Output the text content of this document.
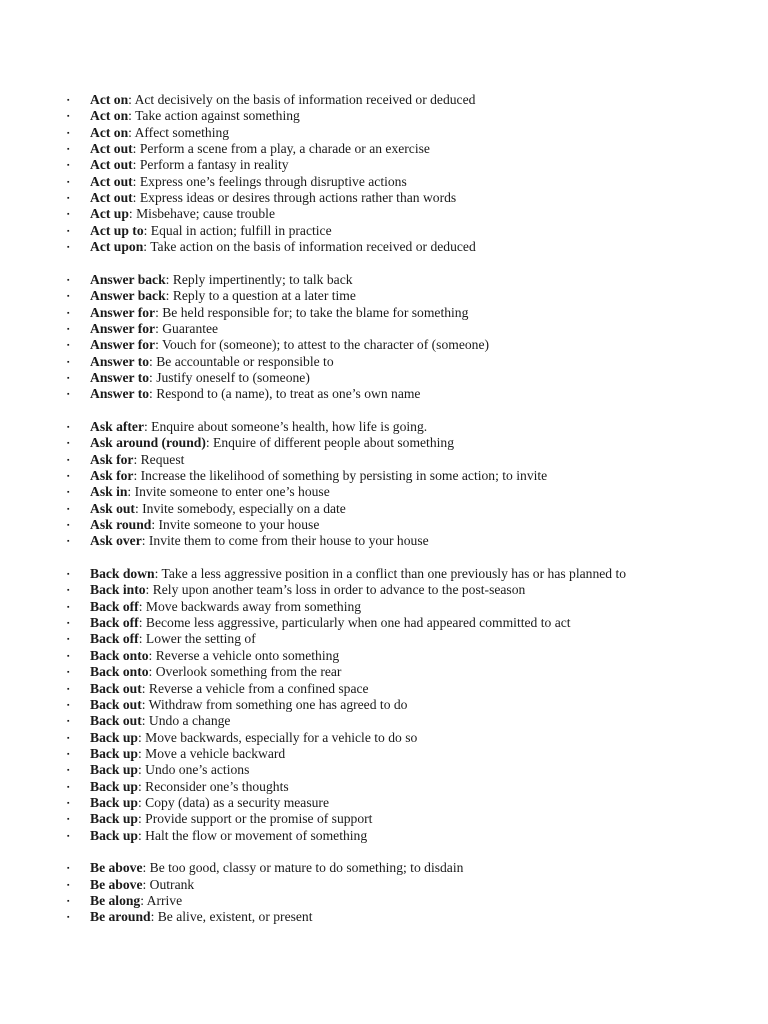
▪ Act on: Act decisively on the basis of information received or deduced
▪ Act on: Take action against something
▪ Act on: Affect something
▪ Act out: Perform a scene from a play, a charade or an exercise
▪ Act out: Perform a fantasy in reality
▪ Act out: Express one’s feelings through disruptive actions
▪ Act out: Express ideas or desires through actions rather than words
▪ Act up: Misbehave; cause trouble
▪ Act up to: Equal in action; fulfill in practice
▪ Act upon: Take action on the basis of information received or deduced
▪ Answer back: Reply impertinently; to talk back
▪ Answer back: Reply to a question at a later time
▪ Answer for: Be held responsible for; to take the blame for something
▪ Answer for: Guarantee
▪ Answer for: Vouch for (someone); to attest to the character of (someone)
▪ Answer to: Be accountable or responsible to
▪ Answer to: Justify oneself to (someone)
▪ Answer to: Respond to (a name), to treat as one’s own name
▪ Ask after: Enquire about someone’s health, how life is going.
▪ Ask around (round): Enquire of different people about something
▪ Ask for: Request
▪ Ask for: Increase the likelihood of something by persisting in some action; to invite
▪ Ask in: Invite someone to enter one’s house
▪ Ask out: Invite somebody, especially on a date
▪ Ask round: Invite someone to your house
▪ Ask over: Invite them to come from their house to your house
▪ Back down: Take a less aggressive position in a conflict than one previously has or has planned to
▪ Back into: Rely upon another team’s loss in order to advance to the post-season
▪ Back off: Move backwards away from something
▪ Back off: Become less aggressive, particularly when one had appeared committed to act
▪ Back off: Lower the setting of
▪ Back onto: Reverse a vehicle onto something
▪ Back onto: Overlook something from the rear
▪ Back out: Reverse a vehicle from a confined space
▪ Back out: Withdraw from something one has agreed to do
▪ Back out: Undo a change
▪ Back up: Move backwards, especially for a vehicle to do so
▪ Back up: Move a vehicle backward
▪ Back up: Undo one’s actions
▪ Back up: Reconsider one’s thoughts
▪ Back up: Copy (data) as a security measure
▪ Back up: Provide support or the promise of support
▪ Back up: Halt the flow or movement of something
▪ Be above: Be too good, classy or mature to do something; to disdain
▪ Be above: Outrank
▪ Be along: Arrive
▪ Be around: Be alive, existent, or present
